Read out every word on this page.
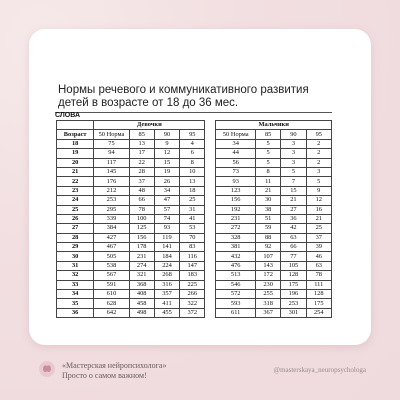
Нормы речевого и коммуникативного развития
детей в возрасте от 18 до 36 мес.
СЛОВА
	Девочки					Мальчики			
Возраст	50 Норма	85	90	95		50 Норма	85	90	95
18	75	13	9	4		34	5	3	2
19	94	17	12	6		44	5	3	2
20	117	22	15	8		56	5	3	2
21	145	28	19	10		73	8	5	3
22	176	37	26	13		93	11	7	5
23	212	48	34	18		123	21	15	9
24	253	66	47	25		156	30	21	12
25	295	78	57	31		192	38	27	16
26	339	100	74	41		231	51	36	21
27	384	125	93	53		272	59	42	25
28	427	156	119	70		328	88	63	37
29	467	178	141	83		381	92	66	39
30	505	231	184	116		432	107	77	46
31	538	274	224	147		476	143	105	63
32	567	321	268	183		513	172	128	78
33	591	368	316	225		546	230	175	111
34	610	408	357	266		572	255	196	128
35	628	458	411	322		593	318	253	175
36	642	498	455	372		611	367	301	254
«Мастерская нейропсихолога»
Просто о самом важном!
@masterskaya_neuropsychologa
